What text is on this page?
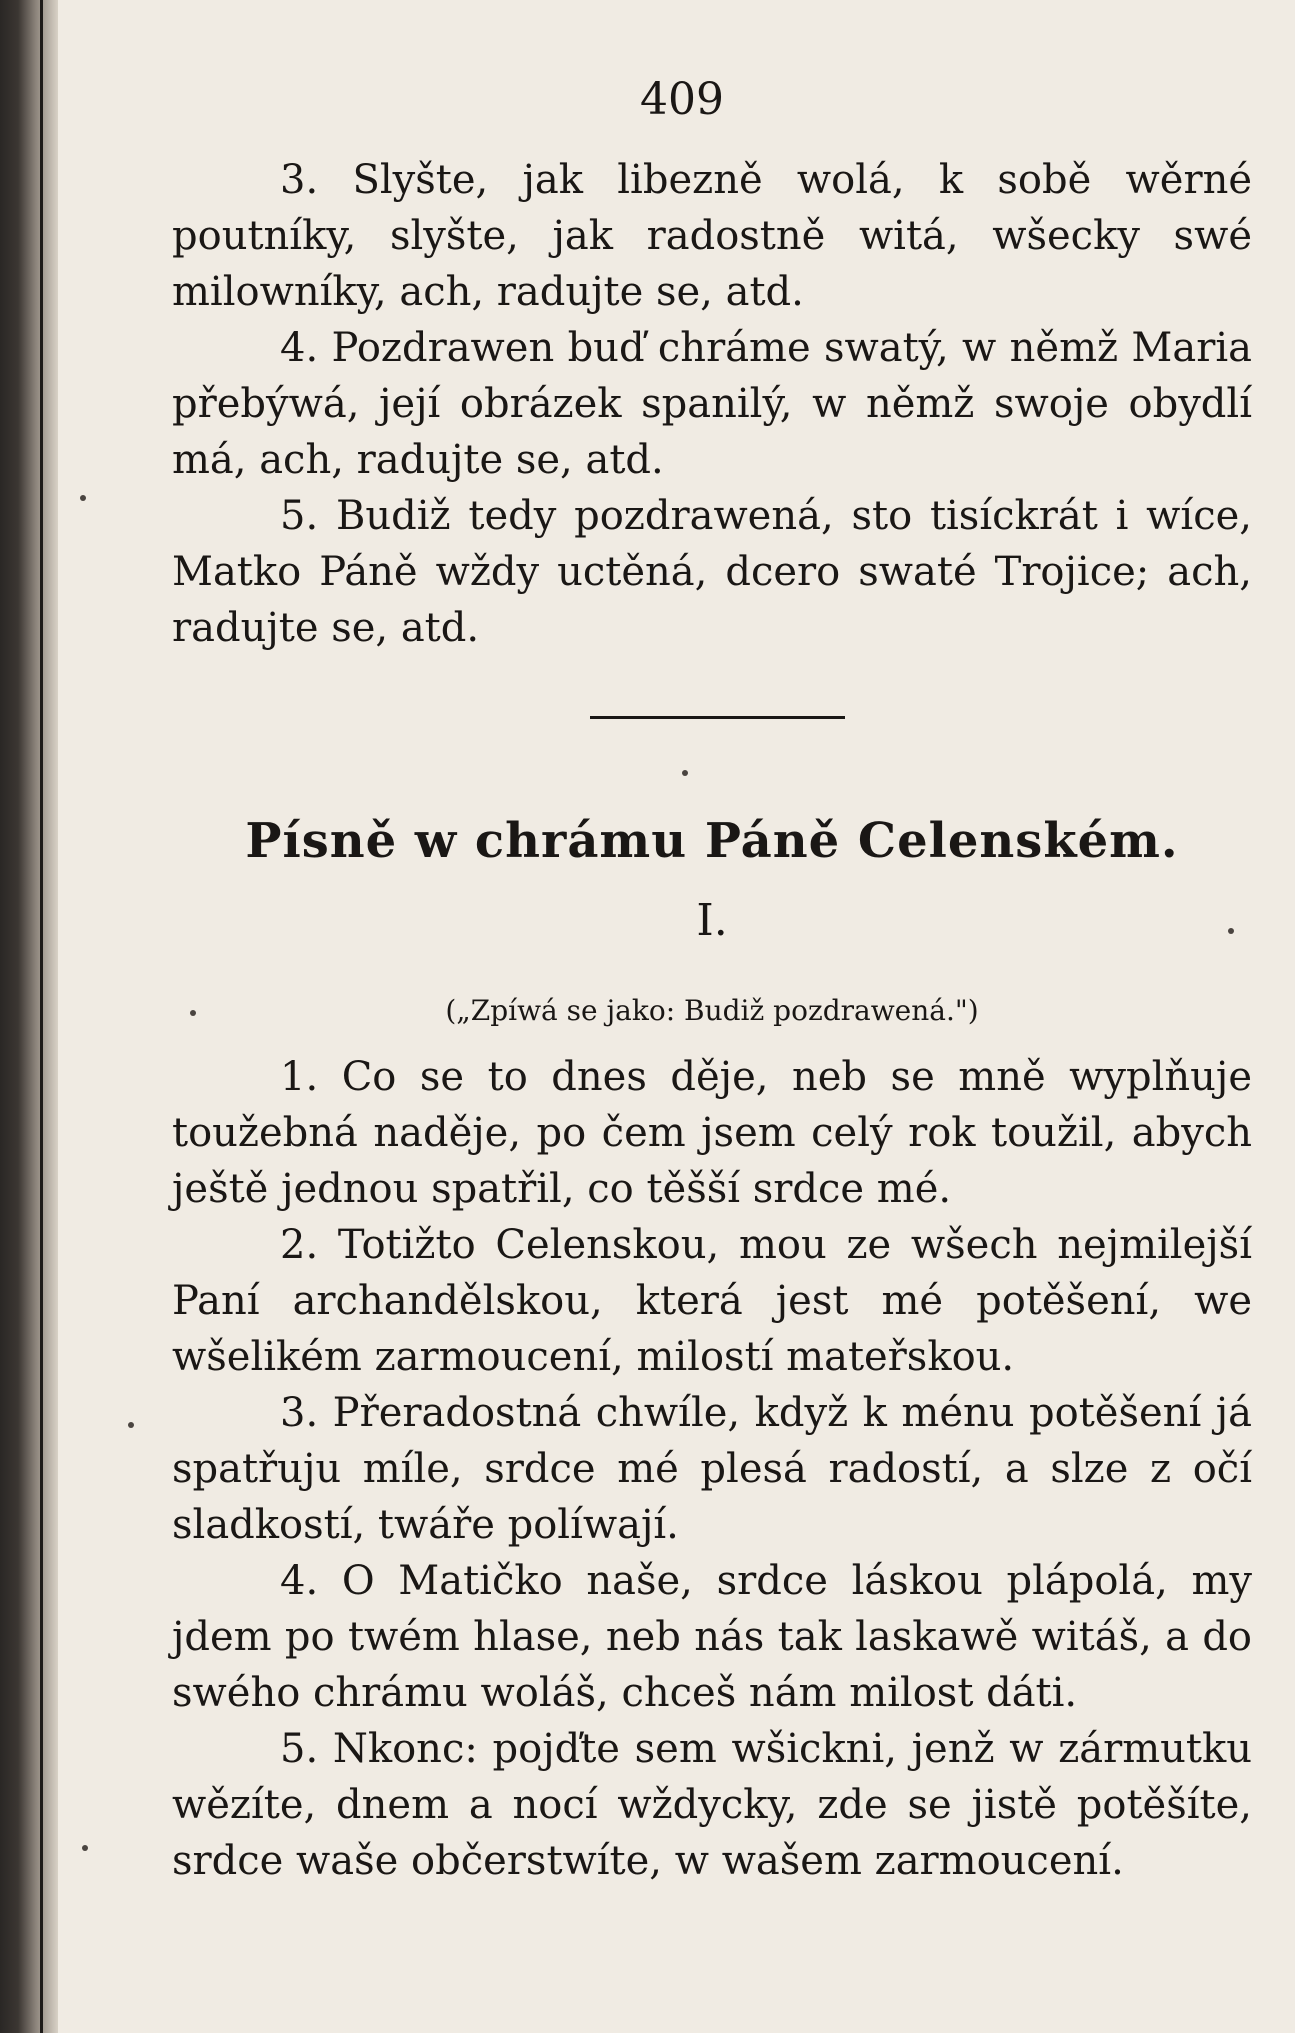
409

3. Slyšte, jak libezně wolá, k sobě wěrné poutníky, slyšte, jak radostně witá, wšecky swé milowníky, ach, radujte se, atd.

4. Pozdrawen buď chráme swatý, w němž Maria přebýwá, její obrázek spanilý, w němž swoje obydlí má, ach, radujte se, atd.

5. Budiž tedy pozdrawená, sto tisíckrát i wíce, Matko Páně wždy uctěná, dcero swaté Trojice; ach, radujte se, atd.

Písně w chrámu Páně Celenském.
I.
(„Zpíwá se jako: Budiž pozdrawená.")

1. Co se to dnes děje, neb se mně wyplňuje toužebná naděje, po čem jsem celý rok toužil, abych ještě jednou spatřil, co těšší srdce mé.

2. Totižto Celenskou, mou ze wšech nejmilejší Paní archandělskou, která jest mé potěšení, we wšelikém zarmoucení, milostí mateřskou.

3. Přeradostná chwíle, když k ménu potěšení já spatřuju míle, srdce mé plesá radostí, a slze z očí sladkostí, twáře políwají.

4. O Matičko naše, srdce láskou plápolá, my jdem po twém hlase, neb nás tak laskawě witáš, a do swého chrámu woláš, chceš nám milost dáti.

5. Nkonc: pojďte sem wšickni, jenž w zármutku wězíte, dnem a nocí wždycky, zde se jistě potěšíte, srdce waše občerstwíte, w wašem zarmoucení.
